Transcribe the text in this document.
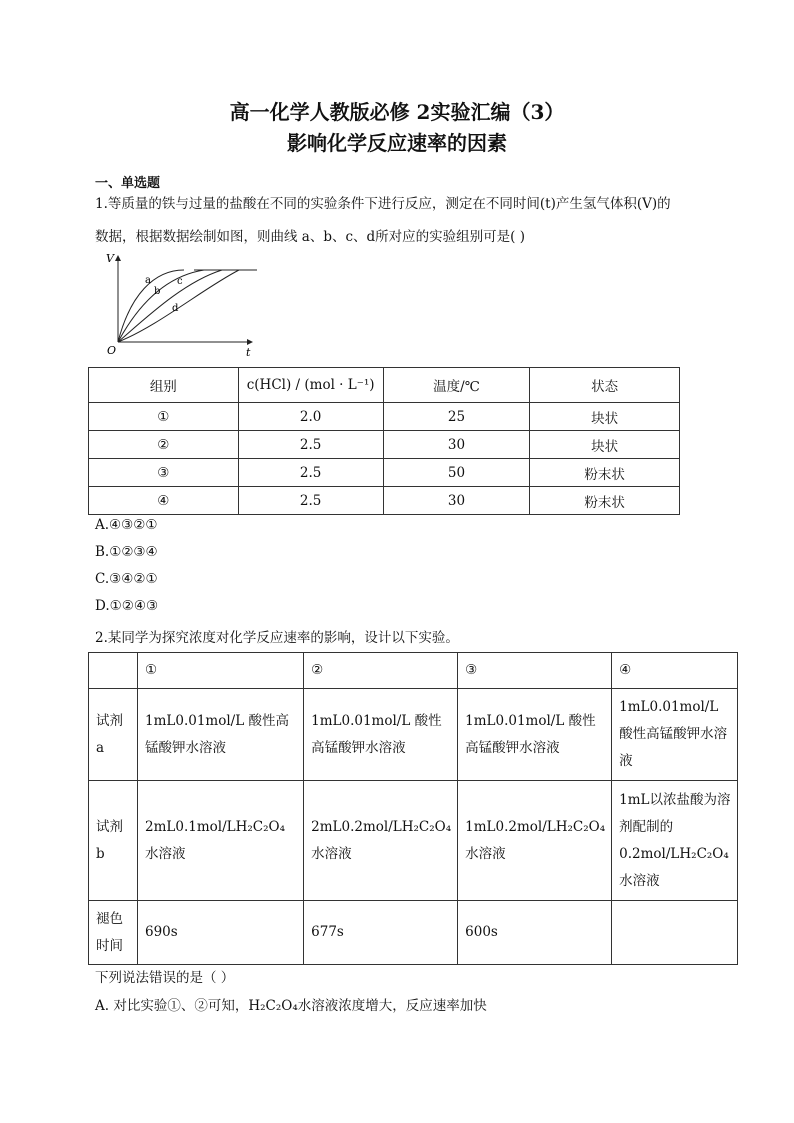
高一化学人教版必修 2实验汇编（3）
影响化学反应速率的因素
一、单选题
1.等质量的铁与过量的盐酸在不同的实验条件下进行反应，测定在不同时间(t)产生氢气体积(V)的
数据，根据数据绘制如图，则曲线 a、b、c、d所对应的实验组别可是( )
V
t
O
a
b
c
d
组别	c(HCl) / (mol · L⁻¹)	温度/℃	状态
①	2.0	25	块状
②	2.5	30	块状
③	2.5	50	粉末状
④	2.5	30	粉末状
A.④③②①
B.①②③④
C.③④②①
D.①②④③
2.某同学为探究浓度对化学反应速率的影响，设计以下实验。
	①	②	③	④
试剂 a	1mL0.01mol/L 酸性高锰酸钾水溶液	1mL0.01mol/L 酸性高锰酸钾水溶液	1mL0.01mol/L 酸性高锰酸钾水溶液	1mL0.01mol/L 酸性高锰酸钾水溶液
试剂 b	2mL0.1mol/LH₂C₂O₄水溶液	2mL0.2mol/LH₂C₂O₄水溶液	1mL0.2mol/LH₂C₂O₄水溶液	1mL以浓盐酸为溶剂配制的0.2mol/LH₂C₂O₄水溶液
褪色时间	690s	677s	600s	
下列说法错误的是（ ）
A. 对比实验①、②可知，H₂C₂O₄水溶液浓度增大，反应速率加快
